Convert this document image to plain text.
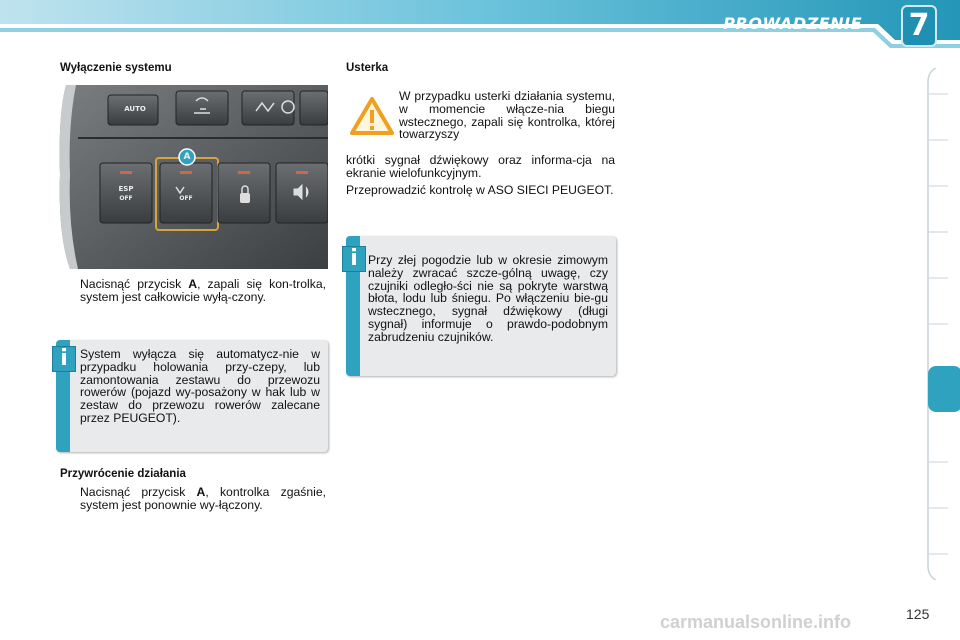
PROWADZENIE 7
Wyłączenie systemu
AUTO
ESP
OFF	OFF
A
Nacisnąć przycisk A, zapali się kon-trolka, system jest całkowicie wyłą-czony.
System wyłącza się automatycz-nie w przypadku holowania przy-czepy, lub zamontowania zestawu do przewozu rowerów (pojazd wy-posażony w hak lub w zestaw do przewozu rowerów zalecane przez PEUGEOT).
i
Przywrócenie działania
Nacisnąć przycisk A, kontrolka zgaśnie, system jest ponownie wy-łączony.
Usterka
W przypadku usterki działania systemu, w momencie włącze-nia biegu wstecznego, zapali się kontrolka, której towarzyszy
krótki sygnał dźwiękowy oraz informa-cja na ekranie wielofunkcyjnym.
Przeprowadzić kontrolę w ASO SIECI PEUGEOT.
Przy złej pogodzie lub w okresie zimowym należy zwracać szcze-gólną uwagę, czy czujniki odległo-ści nie są pokryte warstwą błota, lodu lub śniegu. Po włączeniu bie-gu wstecznego, sygnał dźwiękowy (długi sygnał) informuje o prawdo-podobnym zabrudzeniu czujników.
i
125
carmanualsonline.info
